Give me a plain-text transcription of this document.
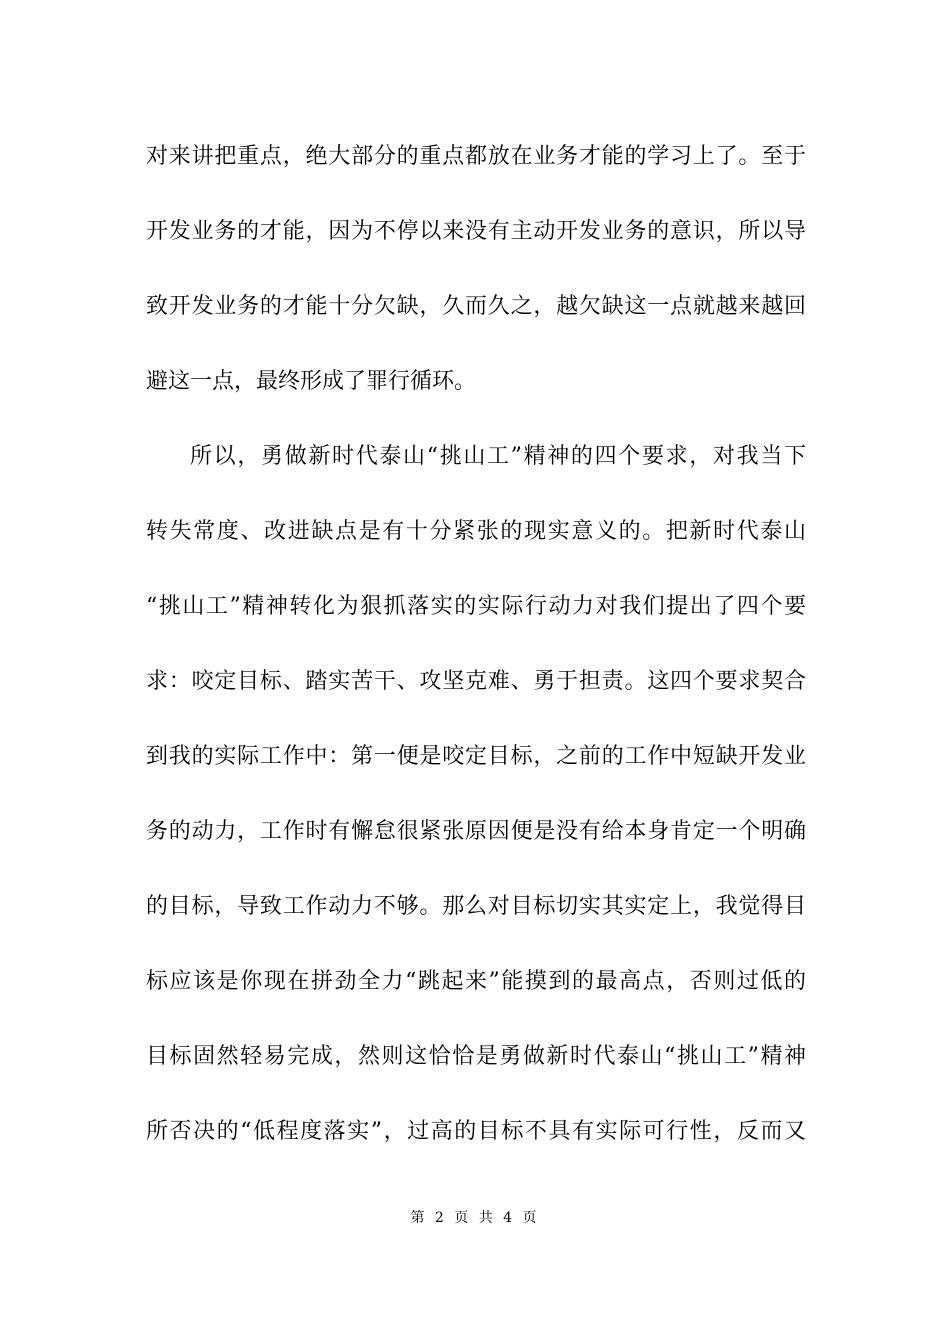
对来讲把重点，绝大部分的重点都放在业务才能的学习上了。至于
开发业务的才能，因为不停以来没有主动开发业务的意识，所以导
致开发业务的才能十分欠缺，久而久之，越欠缺这一点就越来越回
避这一点，最终形成了罪行循环。
所以，勇做新时代泰山“挑山工”精神的四个要求，对我当下
转失常度、改进缺点是有十分紧张的现实意义的。把新时代泰山
“挑山工”精神转化为狠抓落实的实际行动力对我们提出了四个要
求：咬定目标、踏实苦干、攻坚克难、勇于担责。这四个要求契合
到我的实际工作中：第一便是咬定目标，之前的工作中短缺开发业
务的动力，工作时有懈怠很紧张原因便是没有给本身肯定一个明确
的目标，导致工作动力不够。那么对目标切实其实定上，我觉得目
标应该是你现在拼劲全力“跳起来”能摸到的最高点，否则过低的
目标固然轻易完成，然则这恰恰是勇做新时代泰山“挑山工”精神
所否决的“低程度落实”，过高的目标不具有实际可行性，反而又
第 2 页 共 4 页
